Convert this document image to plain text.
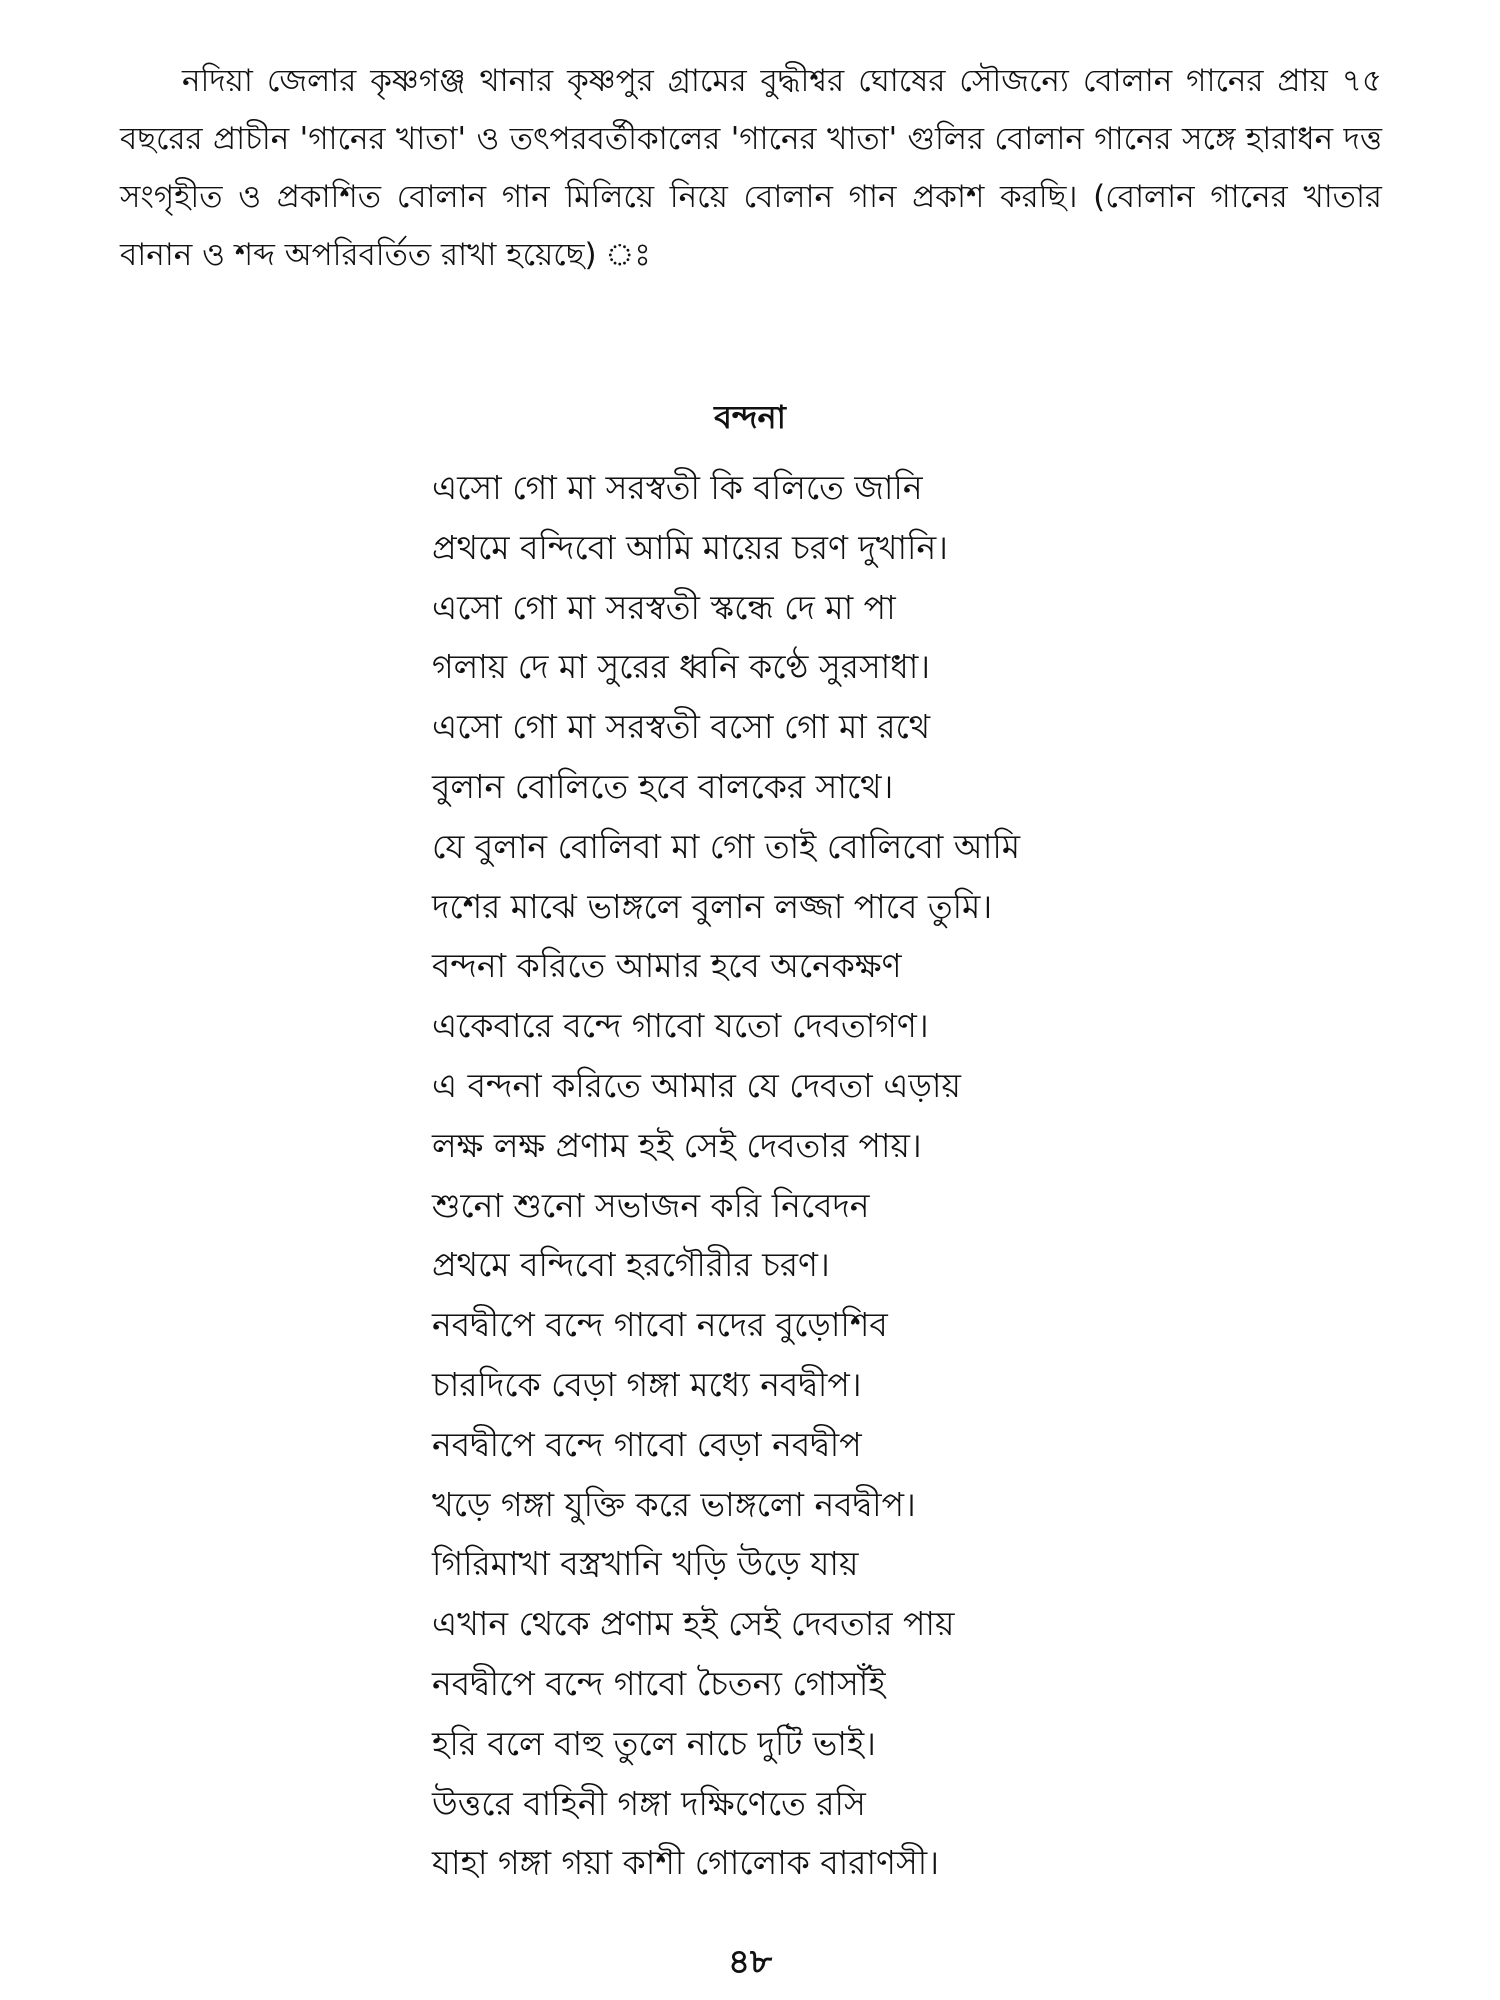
নদিয়া জেলার কৃষ্ণগঞ্জ থানার কৃষ্ণপুর গ্রামের বুদ্ধীশ্বর ঘোষের সৌজন্যে বোলান গানের প্রায় ৭৫ বছরের প্রাচীন 'গানের খাতা' ও তৎপরবর্তীকালের 'গানের খাতা' গুলির বোলান গানের সঙ্গে হারাধন দত্ত সংগৃহীত ও প্রকাশিত বোলান গান মিলিয়ে নিয়ে বোলান গান প্রকাশ করছি। (বোলান গানের খাতার বানান ও শব্দ অপরিবর্তিত রাখা হয়েছে) ঃ

বন্দনা
এসো গো মা সরস্বতী কি বলিতে জানি
প্রথমে বন্দিবো আমি মায়ের চরণ দুখানি।
এসো গো মা সরস্বতী স্কন্ধে দে মা পা
গলায় দে মা সুরের ধ্বনি কণ্ঠে সুরসাধা।
এসো গো মা সরস্বতী বসো গো মা রথে
বুলান বোলিতে হবে বালকের সাথে।
যে বুলান বোলিবা মা গো তাই বোলিবো আমি
দশের মাঝে ভাঙ্গলে বুলান লজ্জা পাবে তুমি।
বন্দনা করিতে আমার হবে অনেকক্ষণ
একেবারে বন্দে গাবো যতো দেবতাগণ।
এ বন্দনা করিতে আমার যে দেবতা এড়ায়
লক্ষ লক্ষ প্রণাম হই সেই দেবতার পায়।
শুনো শুনো সভাজন করি নিবেদন
প্রথমে বন্দিবো হরগৌরীর চরণ।
নবদ্বীপে বন্দে গাবো নদের বুড়োশিব
চারদিকে বেড়া গঙ্গা মধ্যে নবদ্বীপ।
নবদ্বীপে বন্দে গাবো বেড়া নবদ্বীপ
খড়ে গঙ্গা যুক্তি করে ভাঙ্গলো নবদ্বীপ।
গিরিমাখা বস্ত্রখানি খড়ি উড়ে যায়
এখান থেকে প্রণাম হই সেই দেবতার পায়
নবদ্বীপে বন্দে গাবো চৈতন্য গোসাঁই
হরি বলে বাহু তুলে নাচে দুটি ভাই।
উত্তরে বাহিনী গঙ্গা দক্ষিণেতে রসি
যাহা গঙ্গা গয়া কাশী গোলোক বারাণসী।
৪৮
